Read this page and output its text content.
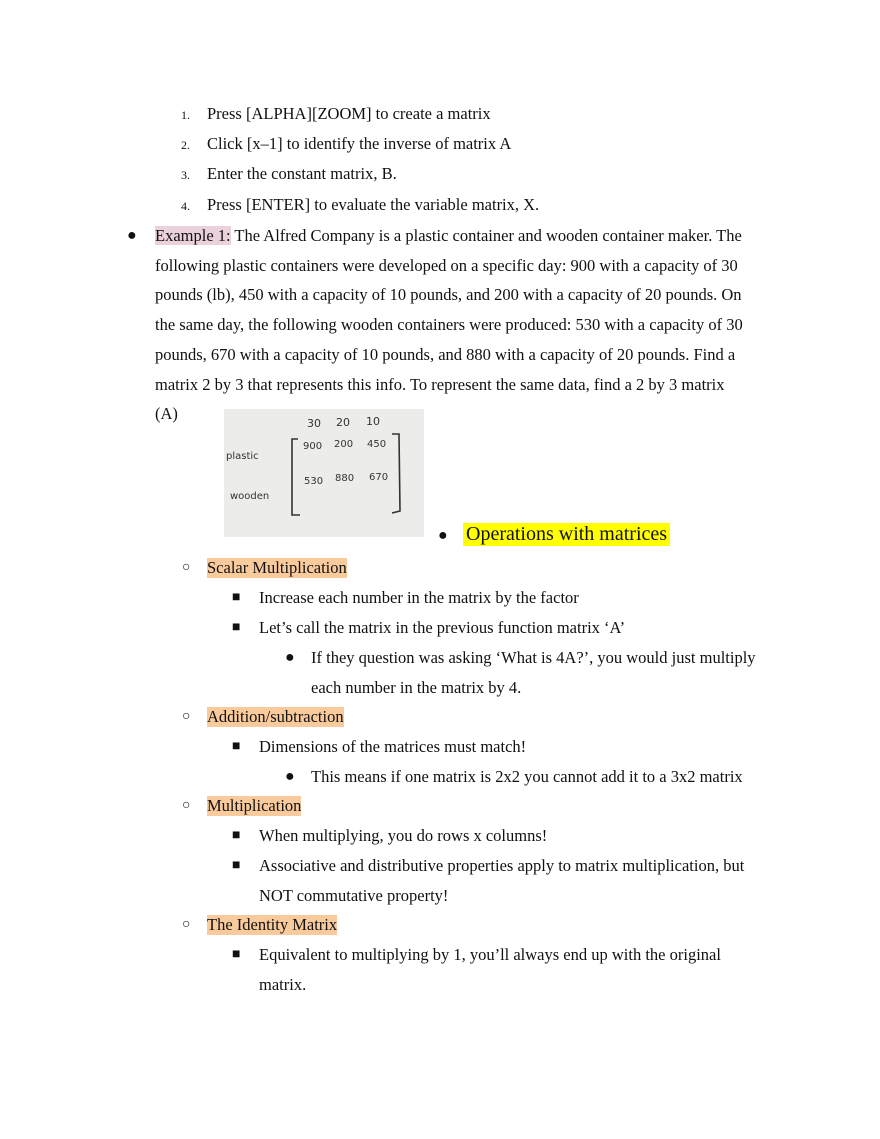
1. Press [ALPHA][ZOOM] to create a matrix
2. Click [x–1] to identify the inverse of matrix A
3. Enter the constant matrix, B.
4. Press [ENTER] to evaluate the variable matrix, X.
● Example 1: The Alfred Company is a plastic container and wooden container maker. The
following plastic containers were developed on a specific day: 900 with a capacity of 30
pounds (lb), 450 with a capacity of 10 pounds, and 200 with a capacity of 20 pounds. On
the same day, the following wooden containers were produced: 530 with a capacity of 30
pounds, 670 with a capacity of 10 pounds, and 880 with a capacity of 20 pounds. Find a
matrix 2 by 3 that represents this info. To represent the same data, find a 2 by 3 matrix
(A)
30 20 10
plastic
wooden
900 200 450
530 880 670
● Operations with matrices
○ Scalar Multiplication
■ Increase each number in the matrix by the factor
■ Let’s call the matrix in the previous function matrix ‘A’
● If they question was asking ‘What is 4A?’, you would just multiply
each number in the matrix by 4.
○ Addition/subtraction
■ Dimensions of the matrices must match!
● This means if one matrix is 2x2 you cannot add it to a 3x2 matrix
○ Multiplication
■ When multiplying, you do rows x columns!
■ Associative and distributive properties apply to matrix multiplication, but
NOT commutative property!
○ The Identity Matrix
■ Equivalent to multiplying by 1, you’ll always end up with the original
matrix.
